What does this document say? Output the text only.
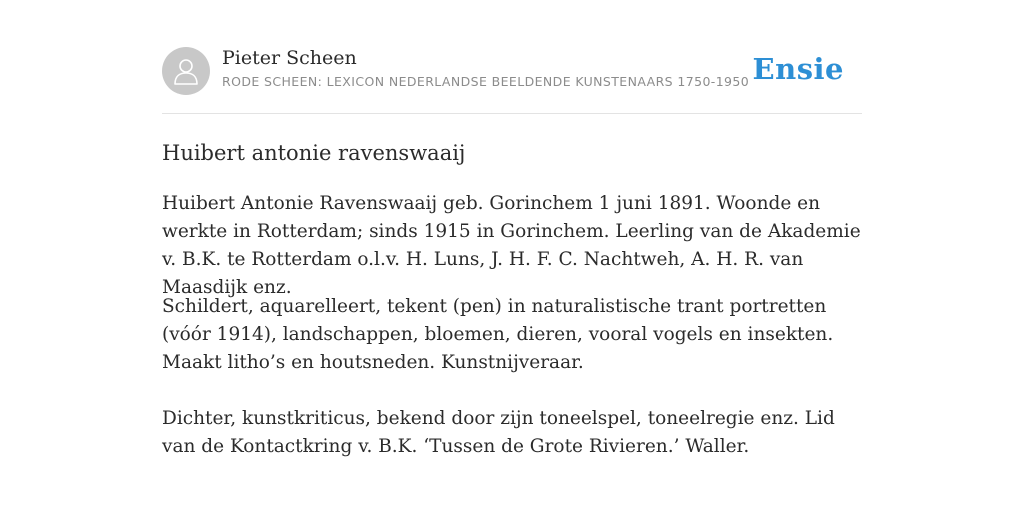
Pieter Scheen
RODE SCHEEN: LEXICON NEDERLANDSE BEELDENDE KUNSTENAARS 1750-1950 Ensie
Huibert antonie ravenswaaij

Huibert Antonie Ravenswaaij geb. Gorinchem 1 juni 1891. Woonde en werkte in Rotterdam; sinds 1915 in Gorinchem. Leerling van de Akademie v. B.K. te Rotterdam o.l.v. H. Luns, J. H. F. C. Nachtweh, A. H. R. van Maasdijk enz.

Schildert, aquarelleert, tekent (pen) in naturalistische trant portretten (vóór 1914), landschappen, bloemen, dieren, vooral vogels en insekten. Maakt litho’s en houtsneden. Kunstnijveraar.

Dichter, kunstkriticus, bekend door zijn toneelspel, toneelregie enz. Lid van de Kontactkring v. B.K. ‘Tussen de Grote Rivieren.’ Waller.
